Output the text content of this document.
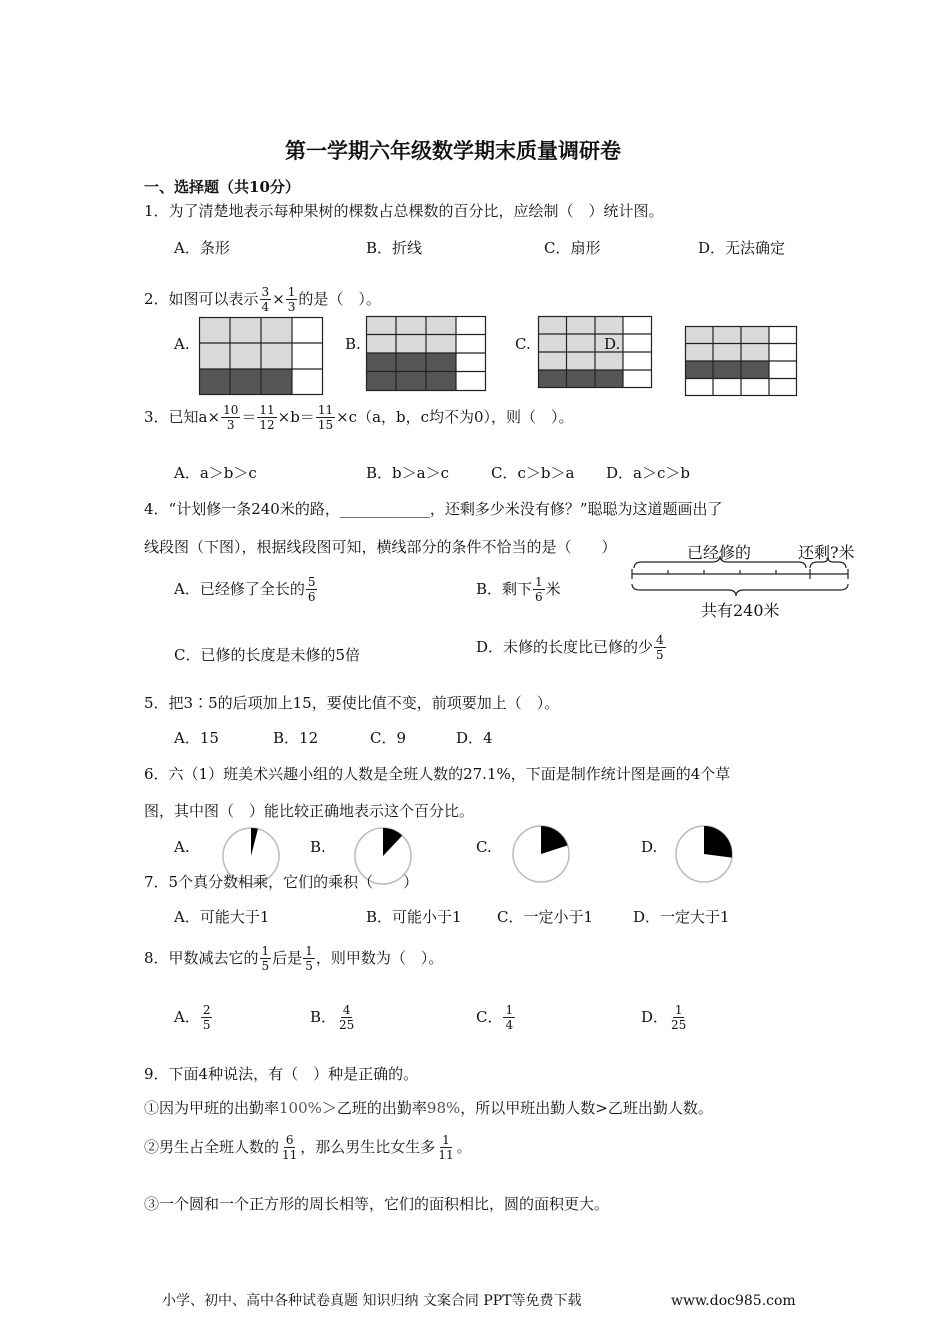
第一学期六年级数学期末质量调研卷
一、选择题（共10分）
1．为了清楚地表示每种果树的棵数占总棵数的百分比，应绘制（　）统计图。
A．条形	B．折线	C．扇形	D．无法确定
2．如图可以表示 $\frac{3}{4} \times \frac{1}{3}$ 的是（　）。
A.	B.	C.	D.
3．已知$a\times \frac{10}{3} = \frac{11}{12} \times b= \frac{11}{15} \times c(a$，b，c均不为0），则（　）。
A．a＞b＞c	B．b＞a＞c	C．c＞b＞a D．a＞c＞b
4．“计划修一条240米的路，____________，还剩多少米没有修？”聪聪为这道题画出了
线段图（下图），根据线段图可知，横线部分的条件不恰当的是（　　）	已经修的	还剩?米
共有240米
A．已经修了全长的 $\frac{5}{6}$	B．剩下 $\frac{1}{6}$ 米
C．已修的长度是未修的5倍	D．未修的长度比已修的少 $\frac{4}{5}$
5．把3∶5的后项加上15，要使比值不变，前项要加上（　）。
A．15	B．12	C．9	D．4
6．六（1）班美术兴趣小组的人数是全班人数的27.1%，下面是制作统计图是画的4个草
图，其中图（　）能比较正确地表示这个百分比。
A.	B.	C.	D.
7．5个真分数相乘，它们的乘积（　　）
A．可能大于1	B．可能小于1 C．一定小于1	D．一定大于1
8．甲数减去它的 $\frac{1}{5}$ 后是 $\frac{1}{5}$ ，则甲数为（　）。
A． $\frac{2}{5}$	B． $\frac{4}{25}$	C． $\frac{1}{4}$	D． $\frac{1}{25}$
9．下面4种说法，有（　）种是正确的。
①因为甲班的出勤率100%＞乙班的出勤率98%，所以甲班出勤人数>乙班出勤人数。
②男生占全班人数的 $\frac{6}{11}$ ，那么男生比女生多 $\frac{1}{11}$ 。
③一个圆和一个正方形的周长相等，它们的面积相比，圆的面积更大。
小学、初中、高中各种试卷真题 知识归纳 文案合同 PPT等免费下载	www.doc985.com
